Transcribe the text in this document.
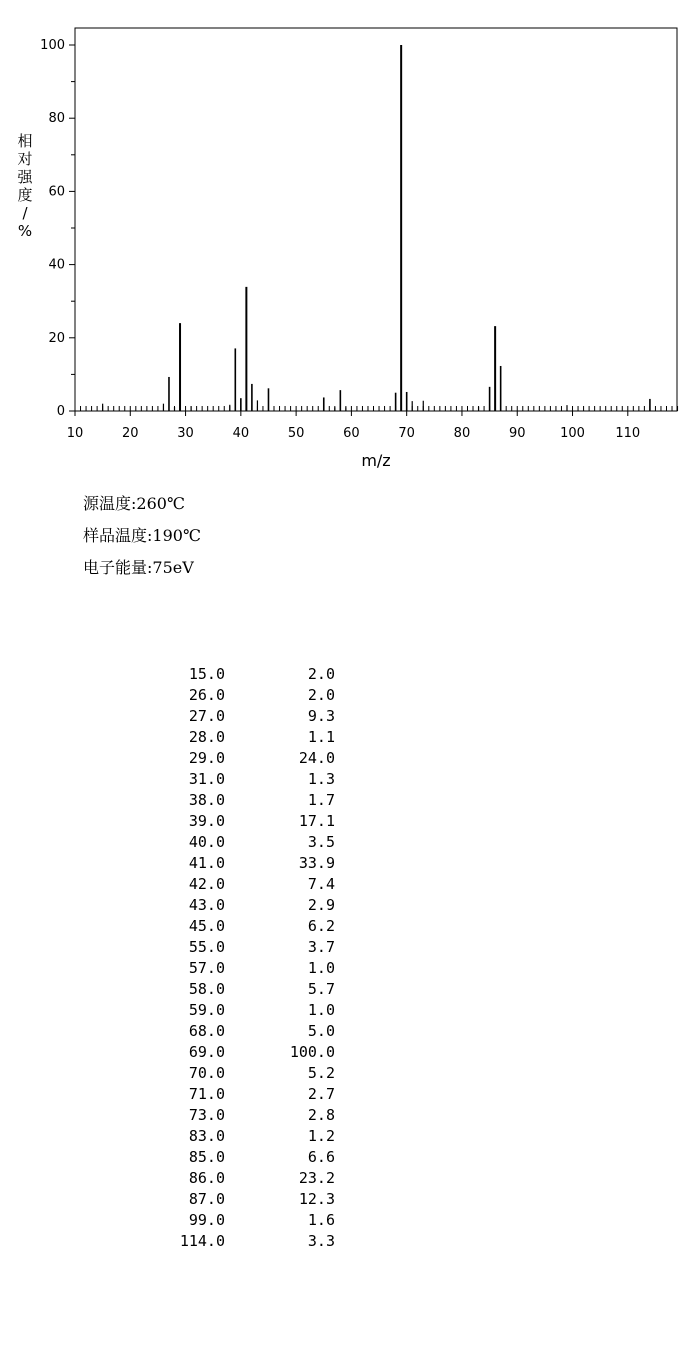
10	20	30	40	50	60	70	80	90	100 110
0
20
40
60
80
100
m/z
相
对
强
度
/
%
源温度:260℃
样品温度:190℃
电子能量:75eV
15.0	2.0
26.0	2.0
27.0	9.3
28.0	1.1
29.0	24.0
31.0	1.3
38.0	1.7
39.0	17.1
40.0	3.5
41.0	33.9
42.0	7.4
43.0	2.9
45.0	6.2
55.0	3.7
57.0	1.0
58.0	5.7
59.0	1.0
68.0	5.0
69.0	100.0
70.0	5.2
71.0	2.7
73.0	2.8
83.0	1.2
85.0	6.6
86.0	23.2
87.0	12.3
99.0	1.6
114.0	3.3
